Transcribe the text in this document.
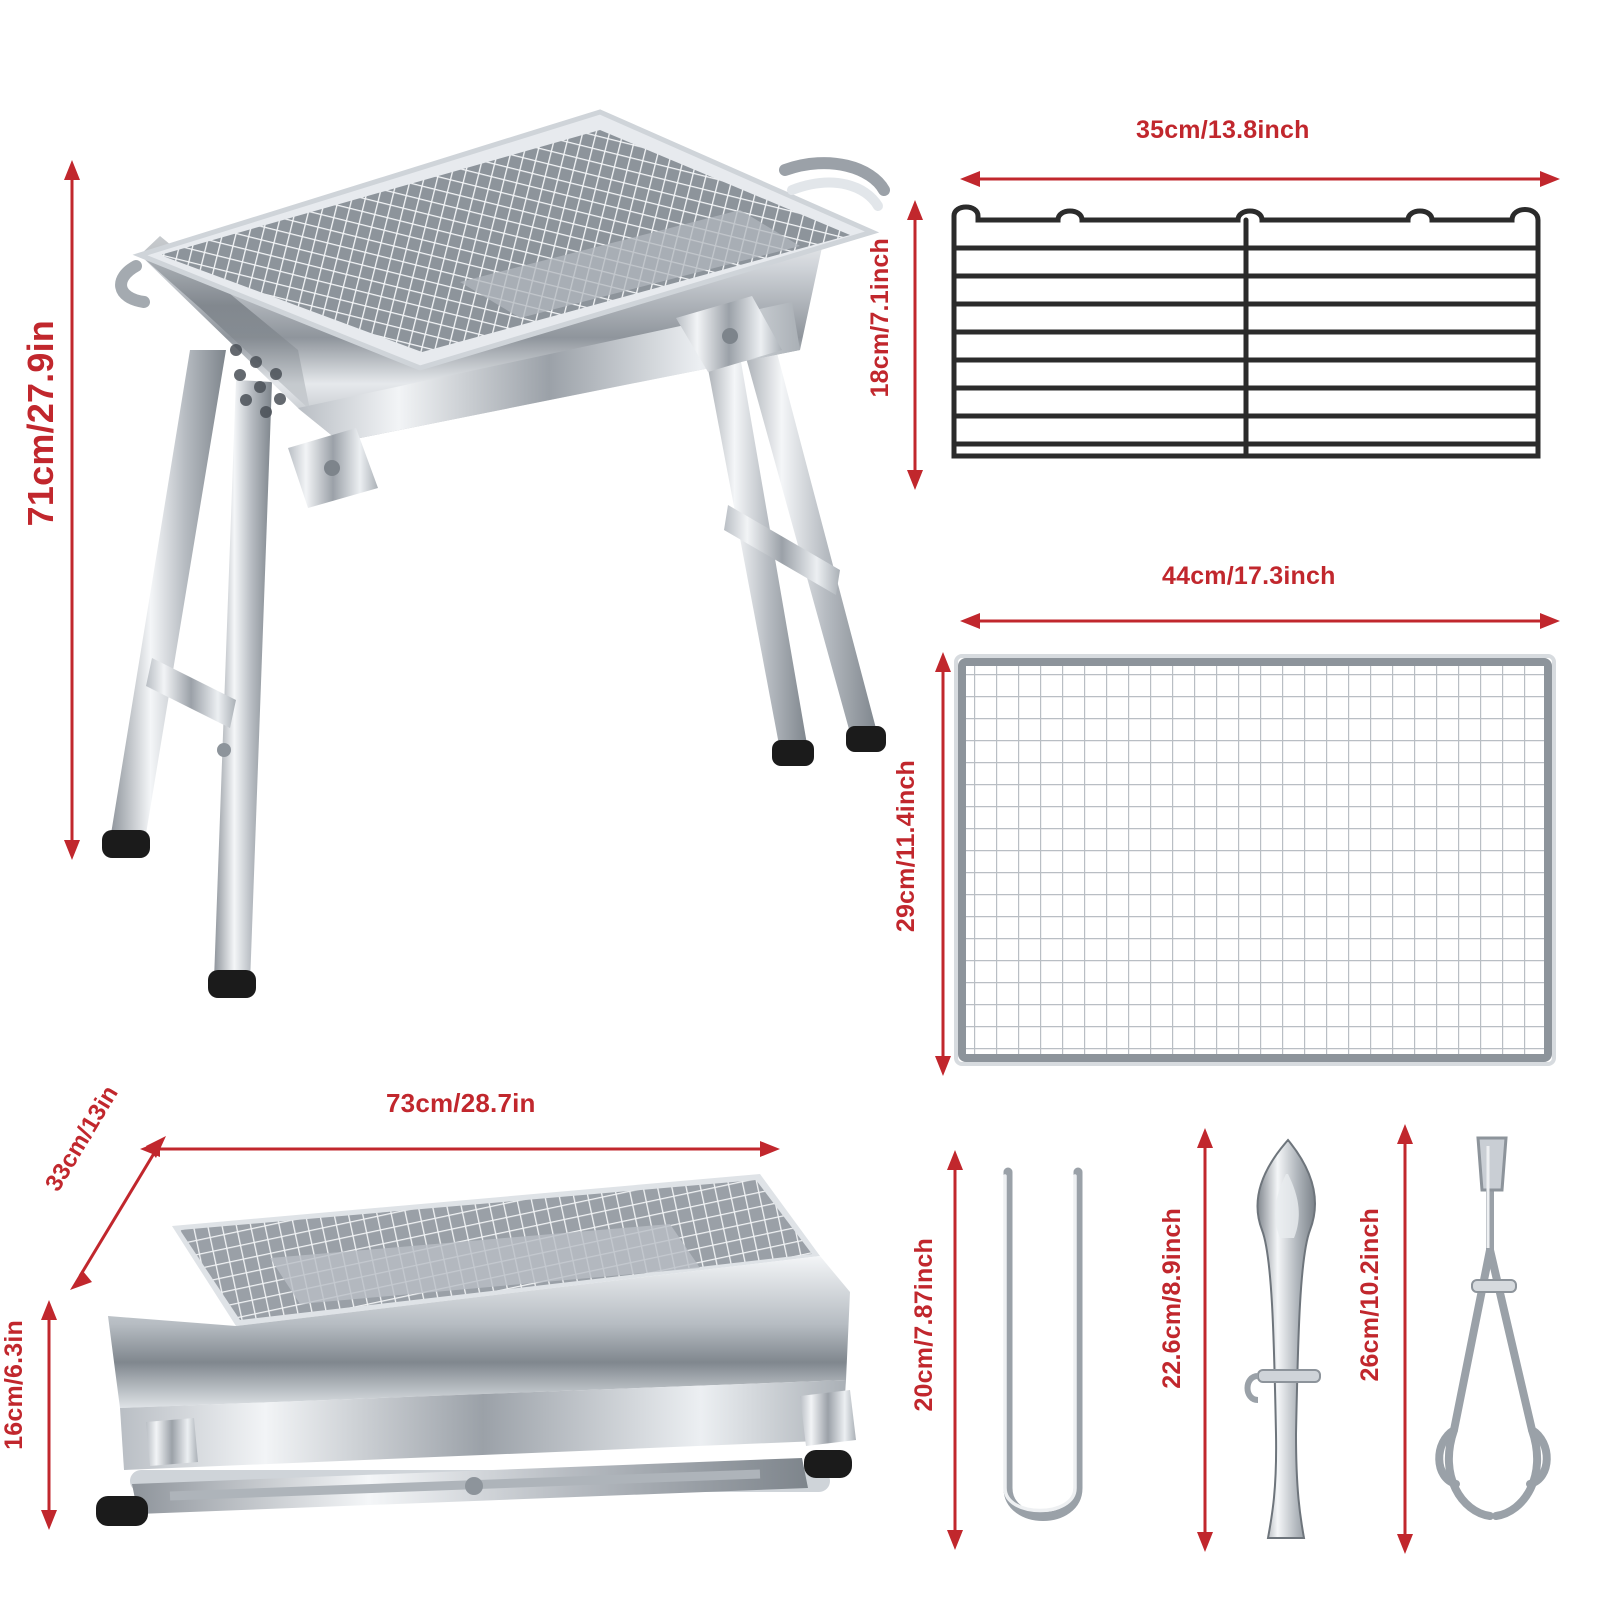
71cm/27.9in
35cm/13.8inch
18cm/7.1inch
44cm/17.3inch
29cm/11.4inch
73cm/28.7in
33cm/13in
16cm/6.3in	20cm/7.87inch	22.6cm/8.9inch	26cm/10.2inch
